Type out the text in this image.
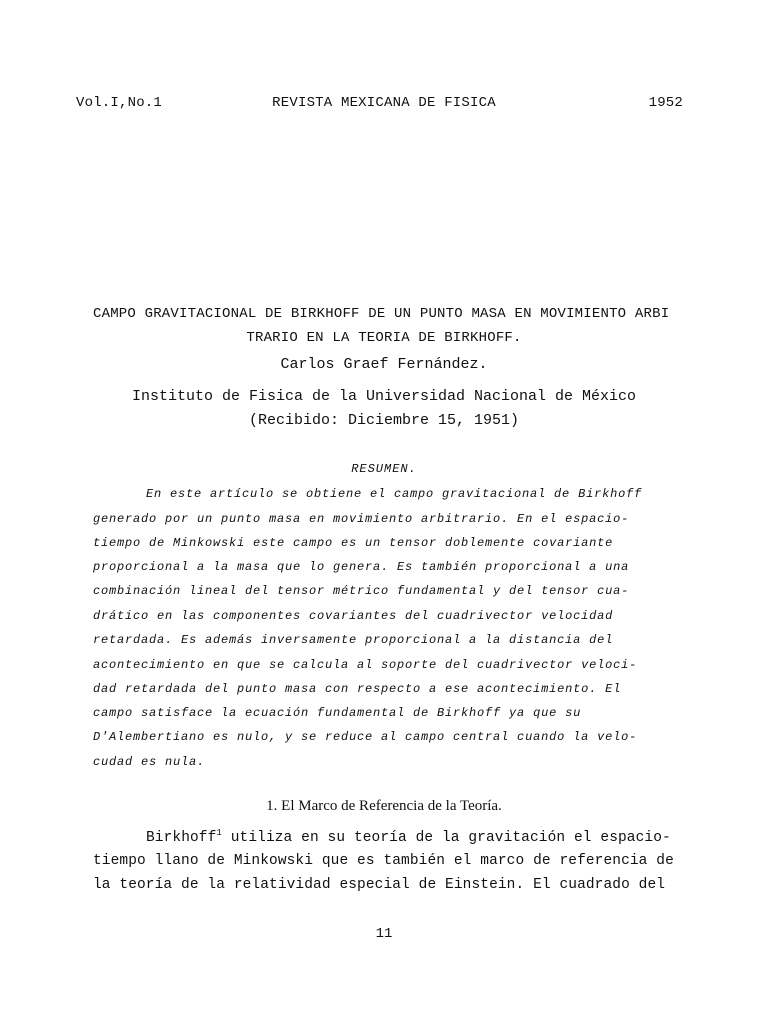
Vol.I,No.1	REVISTA MEXICANA DE FISICA	1952
CAMPO GRAVITACIONAL DE BIRKHOFF DE UN PUNTO MASA EN MOVIMIENTO ARBI
TRARIO EN LA TEORIA DE BIRKHOFF.
Carlos Graef Fernández.
Instituto de Fisica de la Universidad Nacional de México
(Recibido: Diciembre 15, 1951)
RESUMEN.
En este artículo se obtiene el campo gravitacional de Birkhoff
generado por un punto masa en movimiento arbitrario. En el espacio-
tiempo de Minkowski este campo es un tensor doblemente covariante
proporcional a la masa que lo genera. Es también proporcional a una
combinación lineal del tensor métrico fundamental y del tensor cua-
drático en las componentes covariantes del cuadrivector velocidad
retardada. Es además inversamente proporcional a la distancia del
acontecimiento en que se calcula al soporte del cuadrivector veloci-
dad retardada del punto masa con respecto a ese acontecimiento. El
campo satisface la ecuación fundamental de Birkhoff ya que su
D'Alembertiano es nulo, y se reduce al campo central cuando la velo-
cudad es nula.
1. El Marco de Referencia de la Teoría.
Birkhoff$^1$ utiliza en su teoría de la gravitación el espacio-
tiempo llano de Minkowski que es también el marco de referencia de
la teoría de la relatividad especial de Einstein. El cuadrado del
11
